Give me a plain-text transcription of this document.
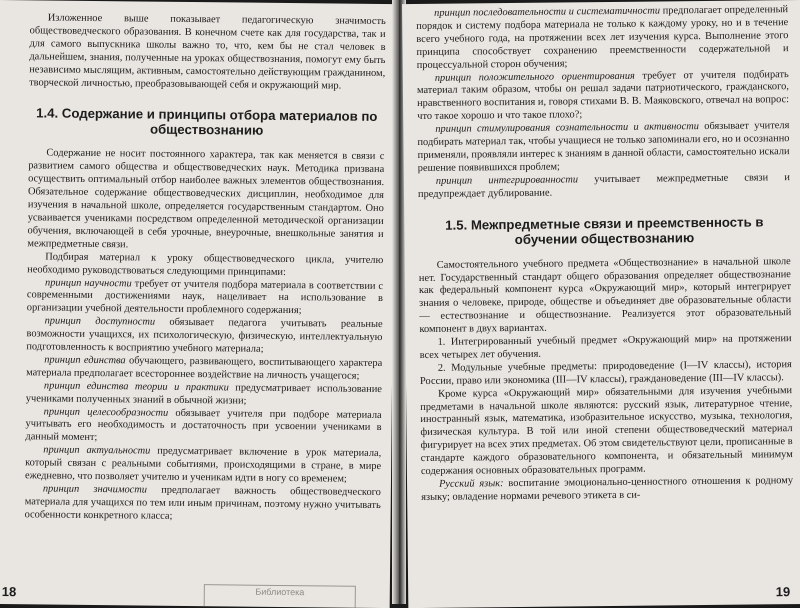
Изложенное выше показывает педагогическую значимость обществоведческого образования. В конечном счете как для государства, так и для самого выпускника школы важно то, что, кем бы не стал человек в дальнейшем, знания, полученные на уроках обществознания, помогут ему быть независимо мыслящим, активным, самостоятельно действующим гражданином, творческой личностью, преобразовывающей себя и окружающий мир.

1.4. Содержание и принципы отбора материалов по обществознанию

Содержание не носит постоянного характера, так как меняется в связи с развитием самого общества и обществоведческих наук. Методика призвана осуществить оптимальный отбор наиболее важных элементов обществознания. Обязательное содержание обществоведческих дисциплин, необходимое для изучения в начальной школе, определяется государственным стандартом. Оно усваивается учениками посредством определенной методической организации обучения, включающей в себя урочные, внеурочные, внешкольные занятия и межпредметные связи.

Подбирая материал к уроку обществоведческого цикла, учителю необходимо руководствоваться следующими принципами:

принцип научности требует от учителя подбора материала в соответствии с современными достижениями наук, нацеливает на использование в организации учебной деятельности проблемного содержания;

принцип доступности обязывает педагога учитывать реальные возможности учащихся, их психологическую, физическую, интеллектуальную подготовленность к восприятию учебного материала;

принцип единства обучающего, развивающего, воспитывающего характера материала предполагает всестороннее воздействие на личность учащегося;

принцип единства теории и практики предусматривает использование учениками полученных знаний в обычной жизни;

принцип целесообразности обязывает учителя при подборе материала учитывать его необходимость и достаточность при усвоении учениками в данный момент;

принцип актуальности предусматривает включение в урок материала, который связан с реальными событиями, происходящими в стране, в мире ежедневно, что позволяет учителю и ученикам идти в ногу со временем;

принцип значимости предполагает важность обществоведческого материала для учащихся по тем или иным причинам, поэтому нужно учитывать особенности конкретного класса;

Библиотека
18

принцип последовательности и систематичности предполагает определенный порядок и систему подбора материала не только к каждому уроку, но и в течение всего учебного года, на протяжении всех лет изучения курса. Выполнение этого принципа способствует сохранению преемственности содержательной и процессуальной сторон обучения;

принцип положительного ориентирования требует от учителя подбирать материал таким образом, чтобы он решал задачи патриотического, гражданского, нравственного воспитания и, говоря стихами В. В. Маяковского, отвечал на вопрос: что такое хорошо и что такое плохо?;

принцип стимулирования сознательности и активности обязывает учителя подбирать материал так, чтобы учащиеся не только запоминали его, но и осознанно применяли, проявляли интерес к знаниям в данной области, самостоятельно искали решение появившихся проблем;

принцип интегрированности учитывает межпредметные связи и предупреждает дублирование.

1.5. Межпредметные связи и преемственность в обучении обществознанию

Самостоятельного учебного предмета «Обществознание» в начальной школе нет. Государственный стандарт общего образования определяет обществознание как федеральный компонент курса «Окружающий мир», который интегрирует знания о человеке, природе, обществе и объединяет две образовательные области — естествознание и обществознание. Реализуется этот образовательный компонент в двух вариантах.

1. Интегрированный учебный предмет «Окружающий мир» на протяжении всех четырех лет обучения.

2. Модульные учебные предметы: природоведение (I—IV классы), история России, право или экономика (III—IV классы), граждановедение (III—IV классы).

Кроме курса «Окружающий мир» обязательными для изучения учебными предметами в начальной школе являются: русский язык, литературное чтение, иностранный язык, математика, изобразительное искусство, музыка, технология, физическая культура. В той или иной степени обществоведческий материал фигурирует на всех этих предметах. Об этом свидетельствуют цели, прописанные в стандарте каждого образовательного компонента, и обязательный минимум содержания основных образовательных программ.

Русский язык: воспитание эмоционально-ценностного отношения к родному языку; овладение нормами речевого этикета в си-

19
